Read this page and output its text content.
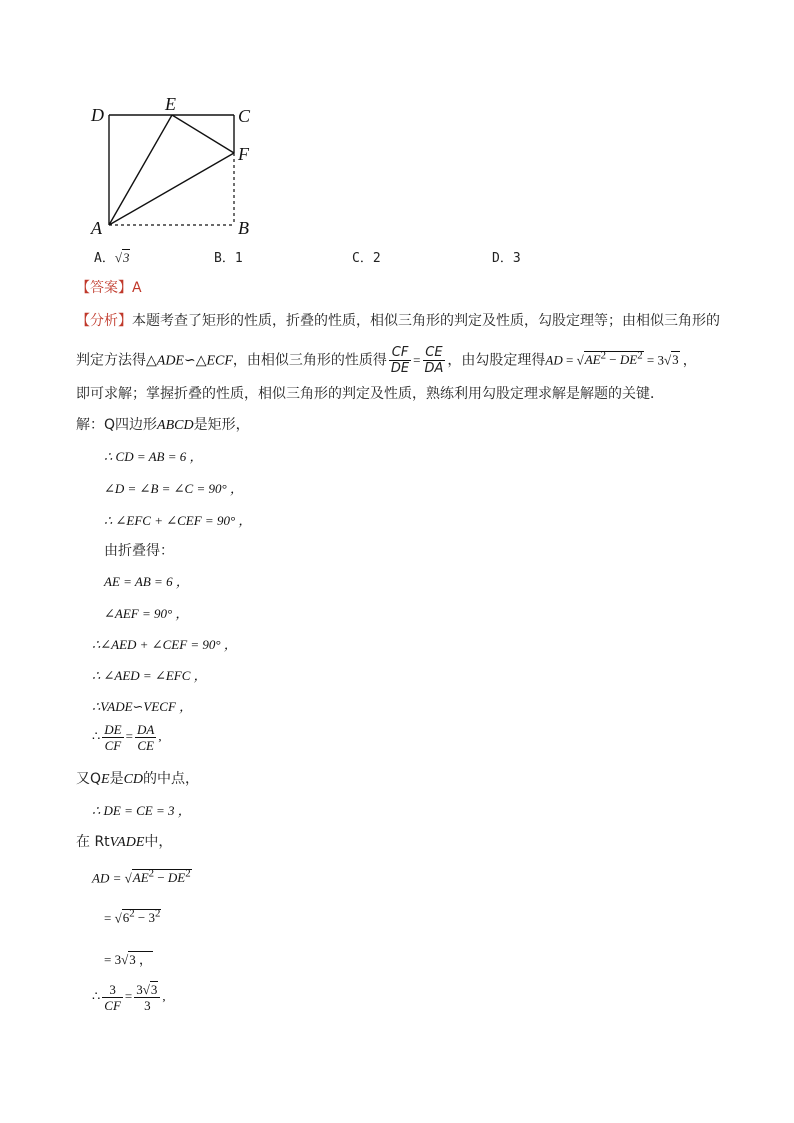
D
E
C
F
A	B
A．√3	B．1	C．2	D．3
【答案】A
【分析】本题考查了矩形的性质，折叠的性质，相似三角形的判定及性质，勾股定理等；由相似三角形的
判定方法得△ADE∽△ECF，由相似三角形的性质得 $\frac{CF}{DE} = \frac{CE}{DA}$ ，由勾股定理得AD = $√AE^2 - DE^2 = 3√3$ ，
即可求解；掌握折叠的性质，相似三角形的判定及性质，熟练利用勾股定理求解是解题的关键．
解：Q四边形ABCD是矩形，
∴ CD = AB = 6 ，
∠D = ∠B = ∠C = 90° ，
∴ ∠EFC + ∠CEF = 90° ，
由折叠得：
AE = AB = 6 ，
∠AEF = 90° ，
∴∠AED + ∠CEF = 90° ，
∴ ∠AED = ∠EFC ，
∴VADE∽VECF ，
∴ $\frac{DE}{CF} = \frac{DA}{CE}$ ,
又QE是CD的中点，
∴ DE = CE = 3 ，
在 RtVADE中，
AD = $√AE^2 - DE^2$
= $√6^2 - 3^2$
= 3√3 ，
∴ $\frac{3}{CF} = \frac{3√3}{3}$ ,
